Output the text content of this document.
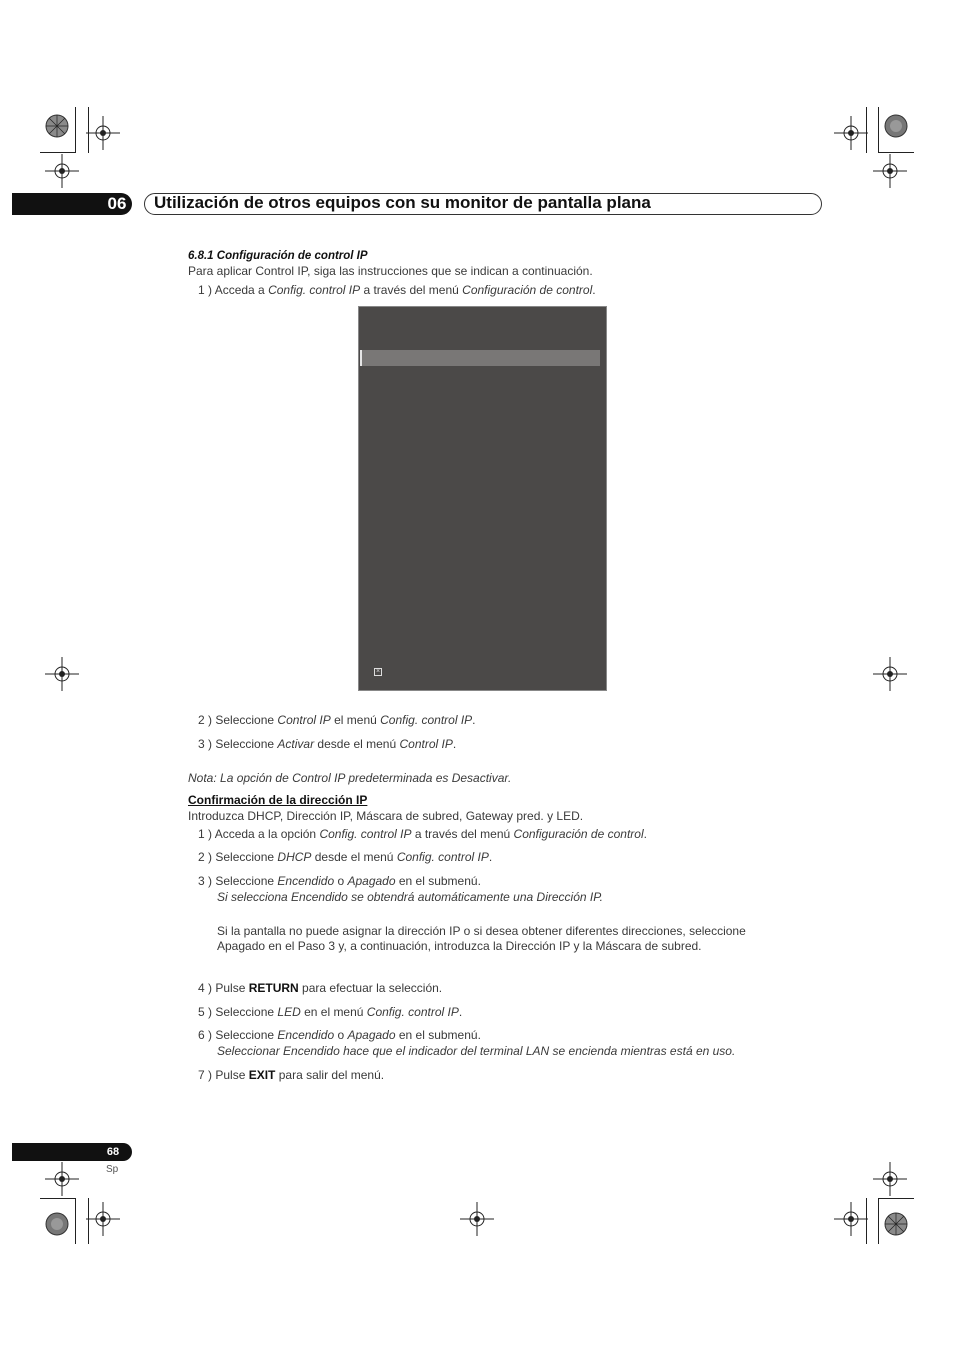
06	Utilización de otros equipos con su monitor de pantalla plana
6.8.1 Configuración de control IP
Para aplicar Control IP, siga las instrucciones que se indican a continuación.
1 ) Acceda a Config. control IP a través del menú Configuración de control.
×
2 ) Seleccione Control IP el menú Config. control IP.
3 ) Seleccione Activar desde el menú Control IP.
Nota: La opción de Control IP predeterminada es Desactivar.
Confirmación de la dirección IP
Introduzca DHCP, Dirección IP, Máscara de subred, Gateway pred. y LED.
1 ) Acceda a la opción Config. control IP a través del menú Configuración de control.
2 ) Seleccione DHCP desde el menú Config. control IP.
3 ) Seleccione Encendido o Apagado en el submenú.
Si selecciona Encendido se obtendrá automáticamente una Dirección IP.
Si la pantalla no puede asignar la dirección IP o si desea obtener diferentes direcciones, seleccione
Apagado en el Paso 3 y, a continuación, introduzca la Dirección IP y la Máscara de subred.
4 ) Pulse RETURN para efectuar la selección.
5 ) Seleccione LED en el menú Config. control IP.
6 ) Seleccione Encendido o Apagado en el submenú.
Seleccionar Encendido hace que el indicador del terminal LAN se encienda mientras está en uso.
7 ) Pulse EXIT para salir del menú.
68
Sp
